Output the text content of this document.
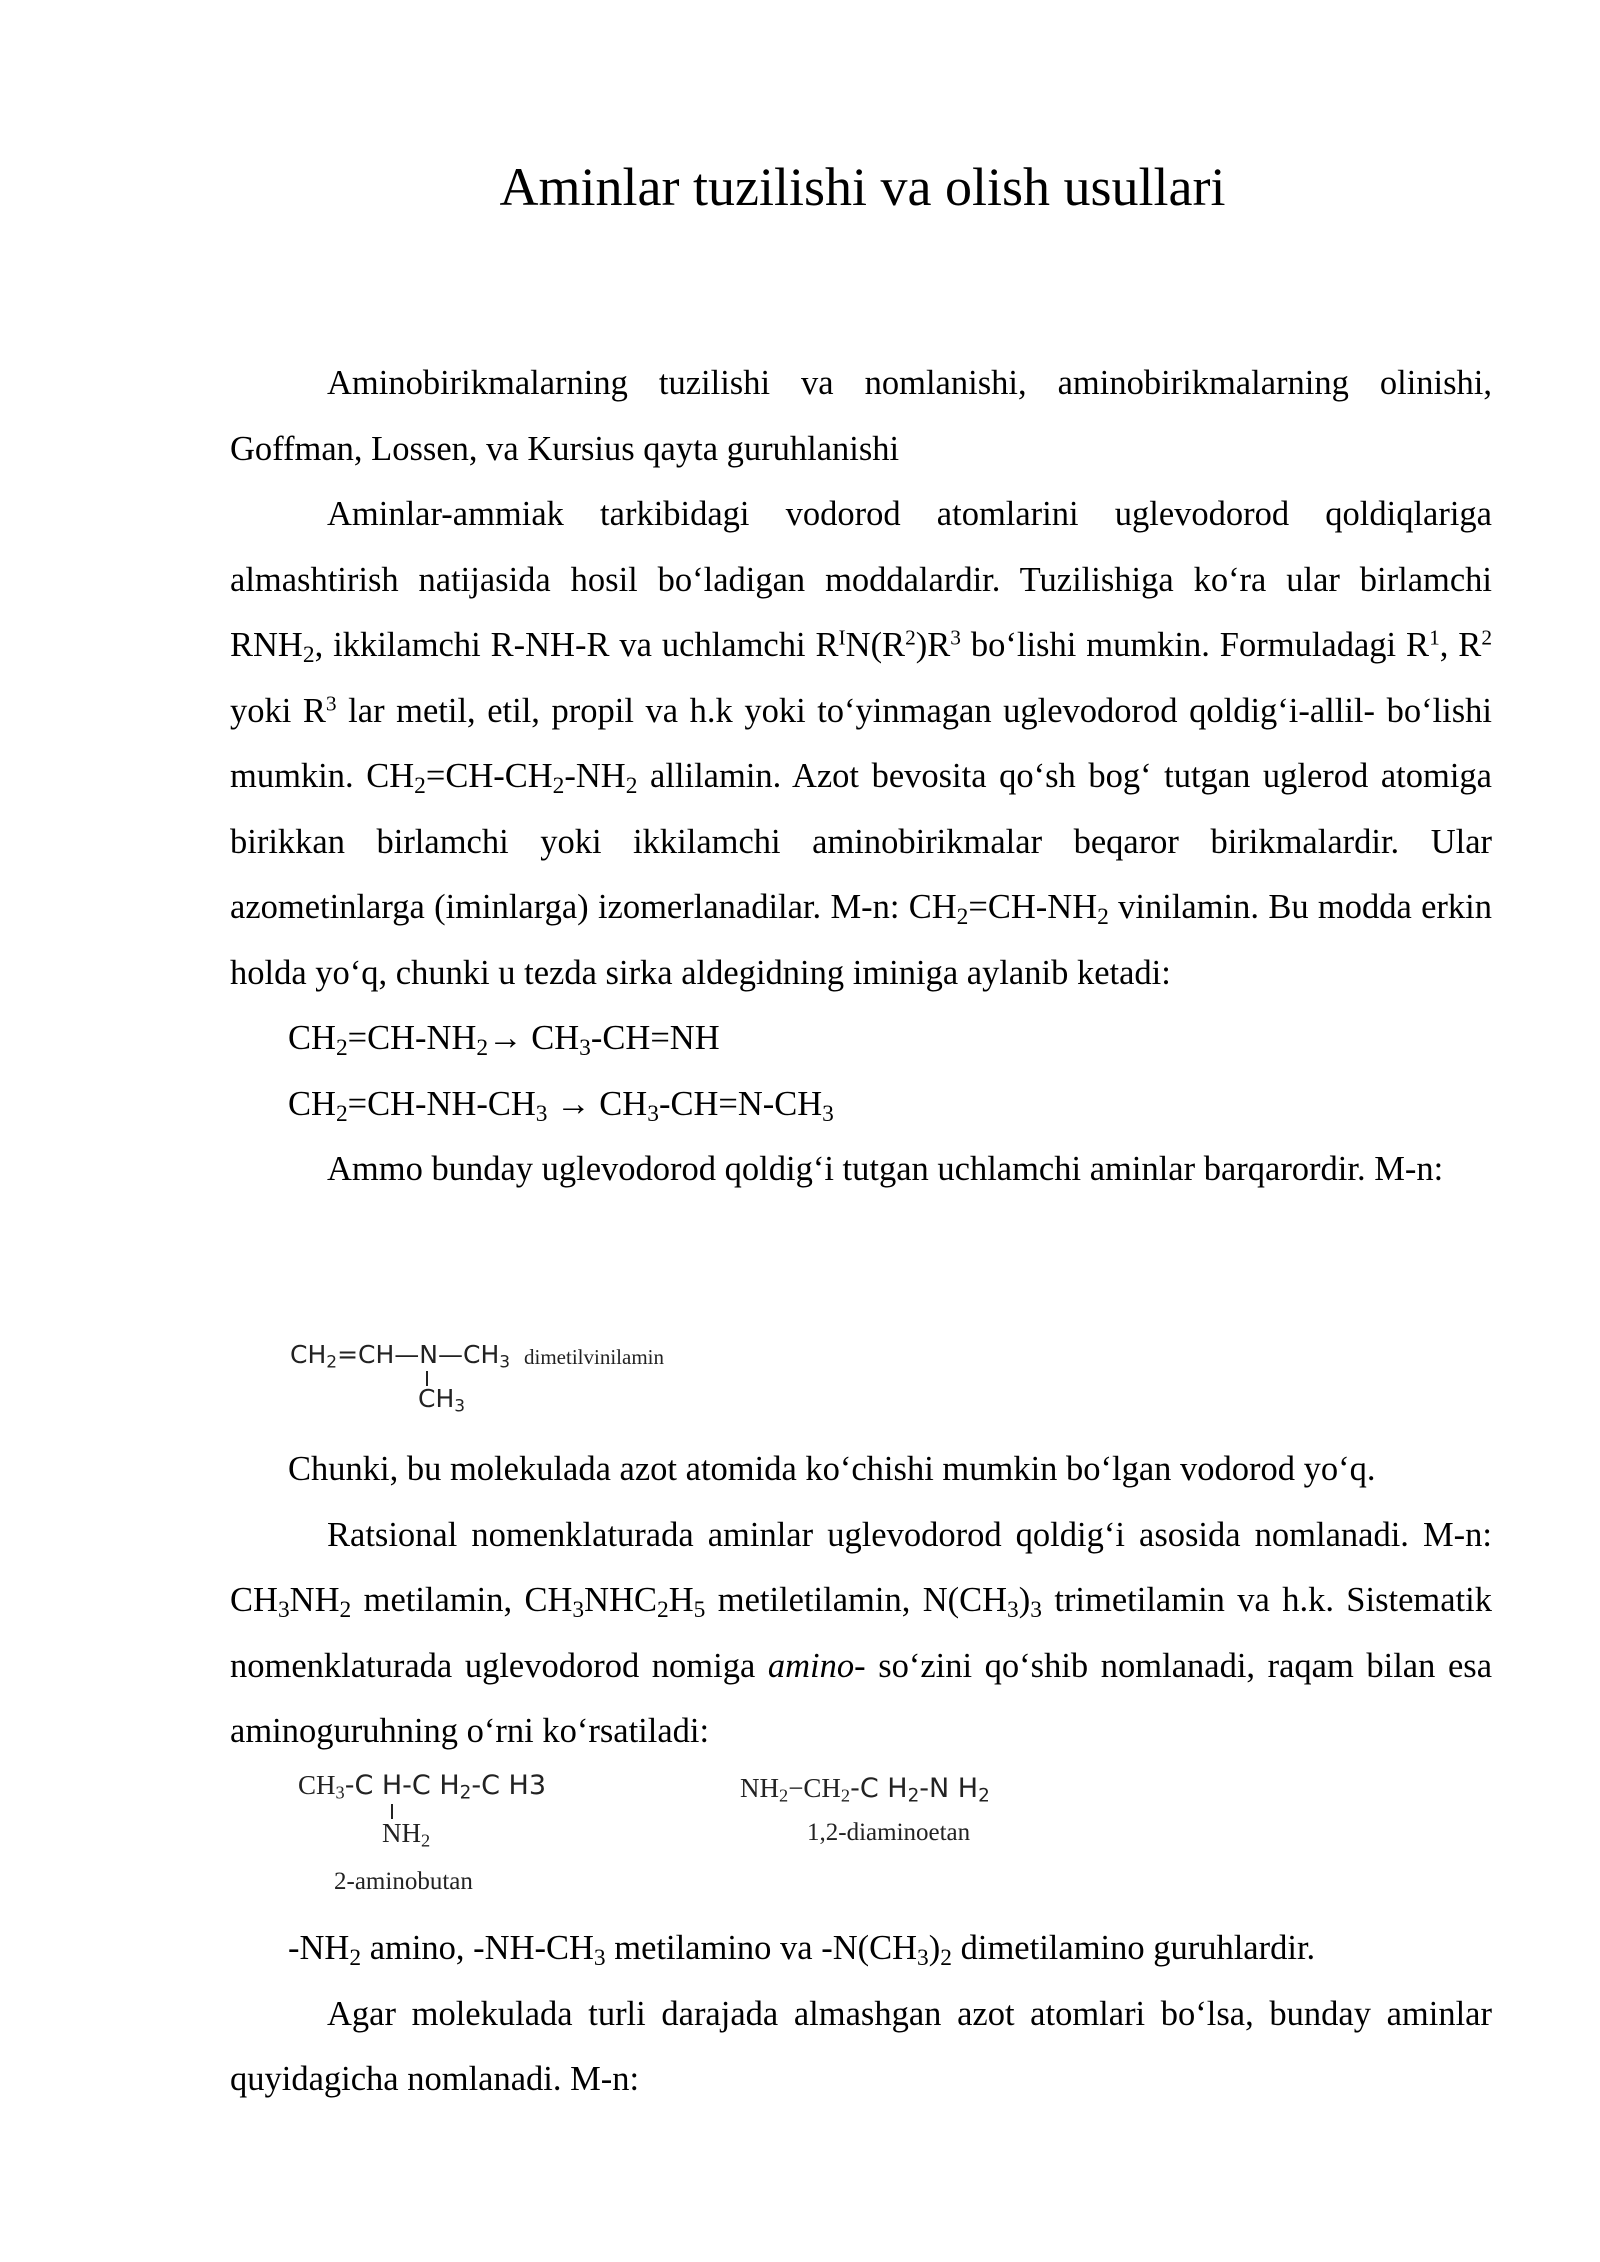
Aminlar tuzilishi va olish usullari

Aminobirikmalarning tuzilishi va nomlanishi, aminobirikmalarning olinishi, Goffman, Lossen, va Kursius qayta guruhlanishi

Aminlar-ammiak tarkibidagi vodorod atomlarini uglevodorod qoldiqlariga almashtirish natijasida hosil bo‘ladigan moddalardir. Tuzilishiga ko‘ra ular birlamchi $RNH_2$, ikkilamchi R-NH-R va uchlamchi $R^IN(R^2)R^3$ bo‘lishi mumkin. Formuladagi $R^1$, $R^2$ yoki $R^3$ lar metil, etil, propil va h.k yoki to‘yinmagan uglevodorod qoldig‘i-allil- bo‘lishi mumkin. $CH_2=CH-CH_2-NH_2$ allilamin. Azot bevosita qo‘sh bog‘ tutgan uglerod atomiga birikkan birlamchi yoki ikkilamchi aminobirikmalar beqaror birikmalardir. Ular azometinlarga (iminlarga) izomerlanadilar. M-n: $CH_2=CH-NH_2$ vinilamin. Bu modda erkin holda yo‘q, chunki u tezda sirka aldegidning iminiga aylanib ketadi:

$CH_2=CH-NH_2\to CH_3-CH=NH$

$CH_2=CH-NH-CH_3 \to CH_3-CH=N-CH_3$

Ammo bunday uglevodorod qoldig‘i tutgan uchlamchi aminlar barqarordir. M-n:

$CH_2=CH—N—CH_3$ dimetilvinilamin
$CH_3$

Chunki, bu molekulada azot atomida ko‘chishi mumkin bo‘lgan vodorod yo‘q.

Ratsional nomenklaturada aminlar uglevodorod qoldig‘i asosida nomlanadi. M-n: $CH_3NH_2$ metilamin, $CH_3NHC_2H_5$ metiletilamin, $N(CH_3)_3$ trimetilamin va h.k. Sistematik nomenklaturada uglevodorod nomiga amino- so‘zini qo‘shib nomlanadi, raqam bilan esa aminoguruhning o‘rni ko‘rsatiladi:

$CH_3-C$ H-C $H_2-C$ H3
$NH_2$
2-aminobutan
$NH_2-CH_2-C$ $H_2-N$ $H_2$
1,2-diaminoetan

$-NH_2$ amino, $-NH-CH_3$ metilamino va $-N(CH_3)_2$ dimetilamino guruhlardir.

Agar molekulada turli darajada almashgan azot atomlari bo‘lsa, bunday aminlar quyidagicha nomlanadi. M-n:
